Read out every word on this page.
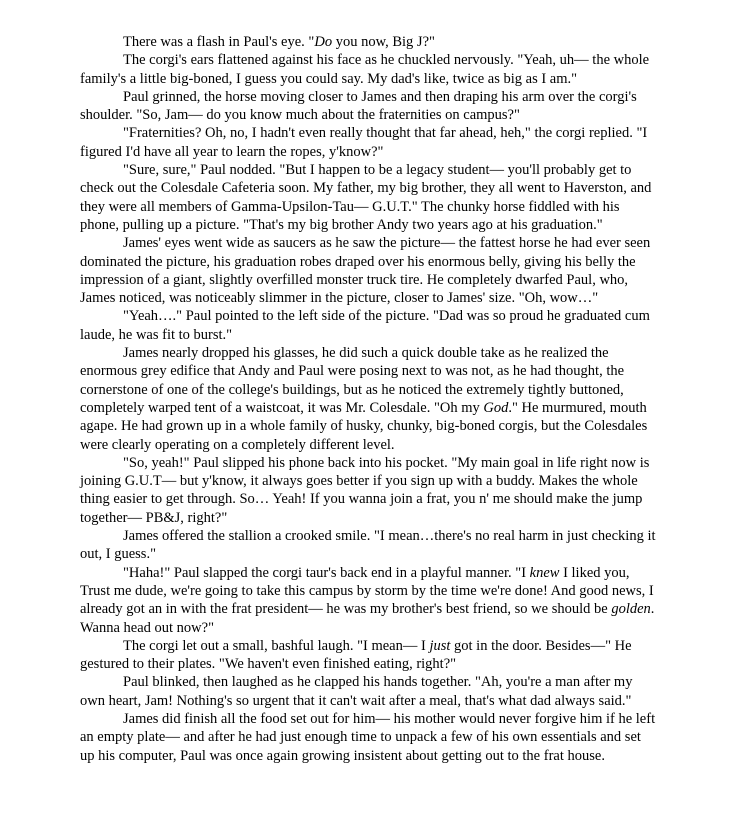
There was a flash in Paul's eye. "Do you now, Big J?"

The corgi's ears flattened against his face as he chuckled nervously. "Yeah, uh— the whole family's a little big-boned, I guess you could say. My dad's like, twice as big as I am."

Paul grinned, the horse moving closer to James and then draping his arm over the corgi's shoulder. "So, Jam— do you know much about the fraternities on campus?"

"Fraternities? Oh, no, I hadn't even really thought that far ahead, heh," the corgi replied. "I figured I'd have all year to learn the ropes, y'know?"

"Sure, sure," Paul nodded. "But I happen to be a legacy student— you'll probably get to check out the Colesdale Cafeteria soon. My father, my big brother, they all went to Haverston, and they were all members of Gamma-Upsilon-Tau— G.U.T." The chunky horse fiddled with his phone, pulling up a picture. "That's my big brother Andy two years ago at his graduation."

James' eyes went wide as saucers as he saw the picture— the fattest horse he had ever seen dominated the picture, his graduation robes draped over his enormous belly, giving his belly the impression of a giant, slightly overfilled monster truck tire. He completely dwarfed Paul, who, James noticed, was noticeably slimmer in the picture, closer to James' size. "Oh, wow…"

"Yeah…." Paul pointed to the left side of the picture. "Dad was so proud he graduated cum laude, he was fit to burst."

James nearly dropped his glasses, he did such a quick double take as he realized the enormous grey edifice that Andy and Paul were posing next to was not, as he had thought, the cornerstone of one of the college's buildings, but as he noticed the extremely tightly buttoned, completely warped tent of a waistcoat, it was Mr. Colesdale. "Oh my God." He murmured, mouth agape. He had grown up in a whole family of husky, chunky, big-boned corgis, but the Colesdales were clearly operating on a completely different level.

"So, yeah!" Paul slipped his phone back into his pocket. "My main goal in life right now is joining G.U.T— but y'know, it always goes better if you sign up with a buddy. Makes the whole thing easier to get through. So… Yeah! If you wanna join a frat, you n' me should make the jump together— PB&J, right?"

James offered the stallion a crooked smile. "I mean…there's no real harm in just checking it out, I guess."

"Haha!" Paul slapped the corgi taur's back end in a playful manner. "I knew I liked you, Trust me dude, we're going to take this campus by storm by the time we're done! And good news, I already got an in with the frat president— he was my brother's best friend, so we should be golden. Wanna head out now?"

The corgi let out a small, bashful laugh. "I mean— I just got in the door. Besides—" He gestured to their plates. "We haven't even finished eating, right?"

Paul blinked, then laughed as he clapped his hands together. "Ah, you're a man after my own heart, Jam! Nothing's so urgent that it can't wait after a meal, that's what dad always said."

James did finish all the food set out for him— his mother would never forgive him if he left an empty plate— and after he had just enough time to unpack a few of his own essentials and set up his computer, Paul was once again growing insistent about getting out to the frat house.
